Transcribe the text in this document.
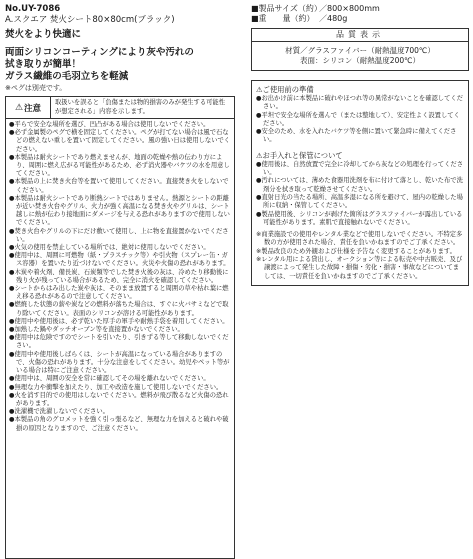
No.UY-7086
A.スクエア 焚火シート80×80cm(ブラック)
焚火をより快適に
両面シリコンコーティングにより灰や汚れの
拭き取りが簡単！
ガラス繊維の毛羽立ちを軽減
※ペグは別売です。
⚠ 注意
取扱いを誤ると「負傷または物的損害のみが発生する可能性が想定される」内容を示します。
●平らで安全な場所を選び、凹凸がある場合は使用しないでください。
●必ず金属製のペグで横を固定してください。ペグが打てない場合は風で石などの燃えない重しを置いて固定してください。風の強い日は使用しないでください。
●本製品は耐火シートであり燃えませんが、地面の乾燥や熱の伝わり方により、周囲に燃え広がる可能性があるため、必ず消火器やバケツの水を用意してください。
●本製品の上に焚き火台等を置いて使用してください。直接焚き火をしないでください。
●本製品は耐火シートであり断熱シートではありません。熱源とシートの距離が近い焚き火台やグリル、火力が強く高温になる焚き火やグリルは、シート越しに熱が伝わり接地面にダメージを与える恐れがありますので使用しないでください。
●焚き火台やグリルの下にだけ敷いて使用し、上に物を直接置かないでください。
●火気の使用を禁止している場所では、絶対に使用しないでください。
●使用中は、周囲に可燃物（紙・プラスチック等）や引火物（スプレー缶・ガス容器）を置いたり近づけないでください。火災や火傷の恐れがあります。
●木炭や着火剤、備長炭、石炭類等でした焚き火後の灰は、冷めたり移動後に残り火が残っている場合があるため、完全に消火を確認してください。
●シートからはみ出した炭や灰は、そのまま放置すると周囲の草や枯れ葉に燃え移る恐れがあるので注意してください。
●燃焼した状態の薪や炭などの燃料が落ちた場合は、すぐに火バサミなどで取り除いてください。表面のシリコンが溶ける可能性があります。
●使用中や使用後は、必ず乾いた厚手の軍手や耐熱手袋を着用してください。
●加熱した鍋やダッチオーブン等を直接置かないでください。
●使用中は危険ですのでシートを引いたり、引きずる等して移動しないでください。
●使用中や使用後しばらくは、シートが高温になっている場合がありますので、火傷の恐れがあります。十分な注意をしてください。幼児やペット等がいる場合は特にご注意ください。
●使用中は、周囲の安全を常に確認してその場を離れないでください。
●無理な力や衝撃を加えたり、加工や改造を施して使用しないでください。
●火を消す目的での使用はしないでください。燃料が飛び散るなど火傷の恐れがあります。
●洗濯機で洗濯しないでください。
●本製品の角のグロメットを強く引っ張るなど、無理な力を加えると破れや破損の原因となりますので、ご注意ください。
■製品サイズ（約）
／800×800mm
■重　　量（約） ／480g
品質表示
材質／グラスファイバー（耐熱温度700℃）
表面：シリコン（耐熱温度200℃）
⚠ご使用前の準備
●お出かけ前に本製品に破れやほつれ等の異常がないことを確認してください。
●平坦で安全な場所を選んで（または整地して）、安定性よく設置してください。
●安全のため、水を入れたバケツ等を側に置いて緊急時に備えてください。
⚠お手入れと保管について
●使用後は、自然放置で完全に冷却してから灰などの処理を行ってください。
●汚れについては、薄めた食器用洗剤を布に付けて落とし、乾いた布で洗剤分を拭き取って乾燥させてください。
●直射日光の当たる場所、高温多湿になる所を避けて、屋内の乾燥した場所に収納・保管してください。
●製品使用後、シリコンが剥げた箇所はグラスファイバーが露出している可能性があります。素肌で直接触れないでください。
※商業施設での使用やレンタル業などで使用しないでください。不特定多数の方が使用された場合、責任を負いかねますのでご了承ください。
※製品改良のため外観および仕様を予告なく変更することがあります。
※レンタル用による貸出し、オークション等による転売や中古販売、及び譲渡によって発生した故障・損傷・劣化・損害・事故などについてましては、一切責任を負いかねますのでご了承ください。
